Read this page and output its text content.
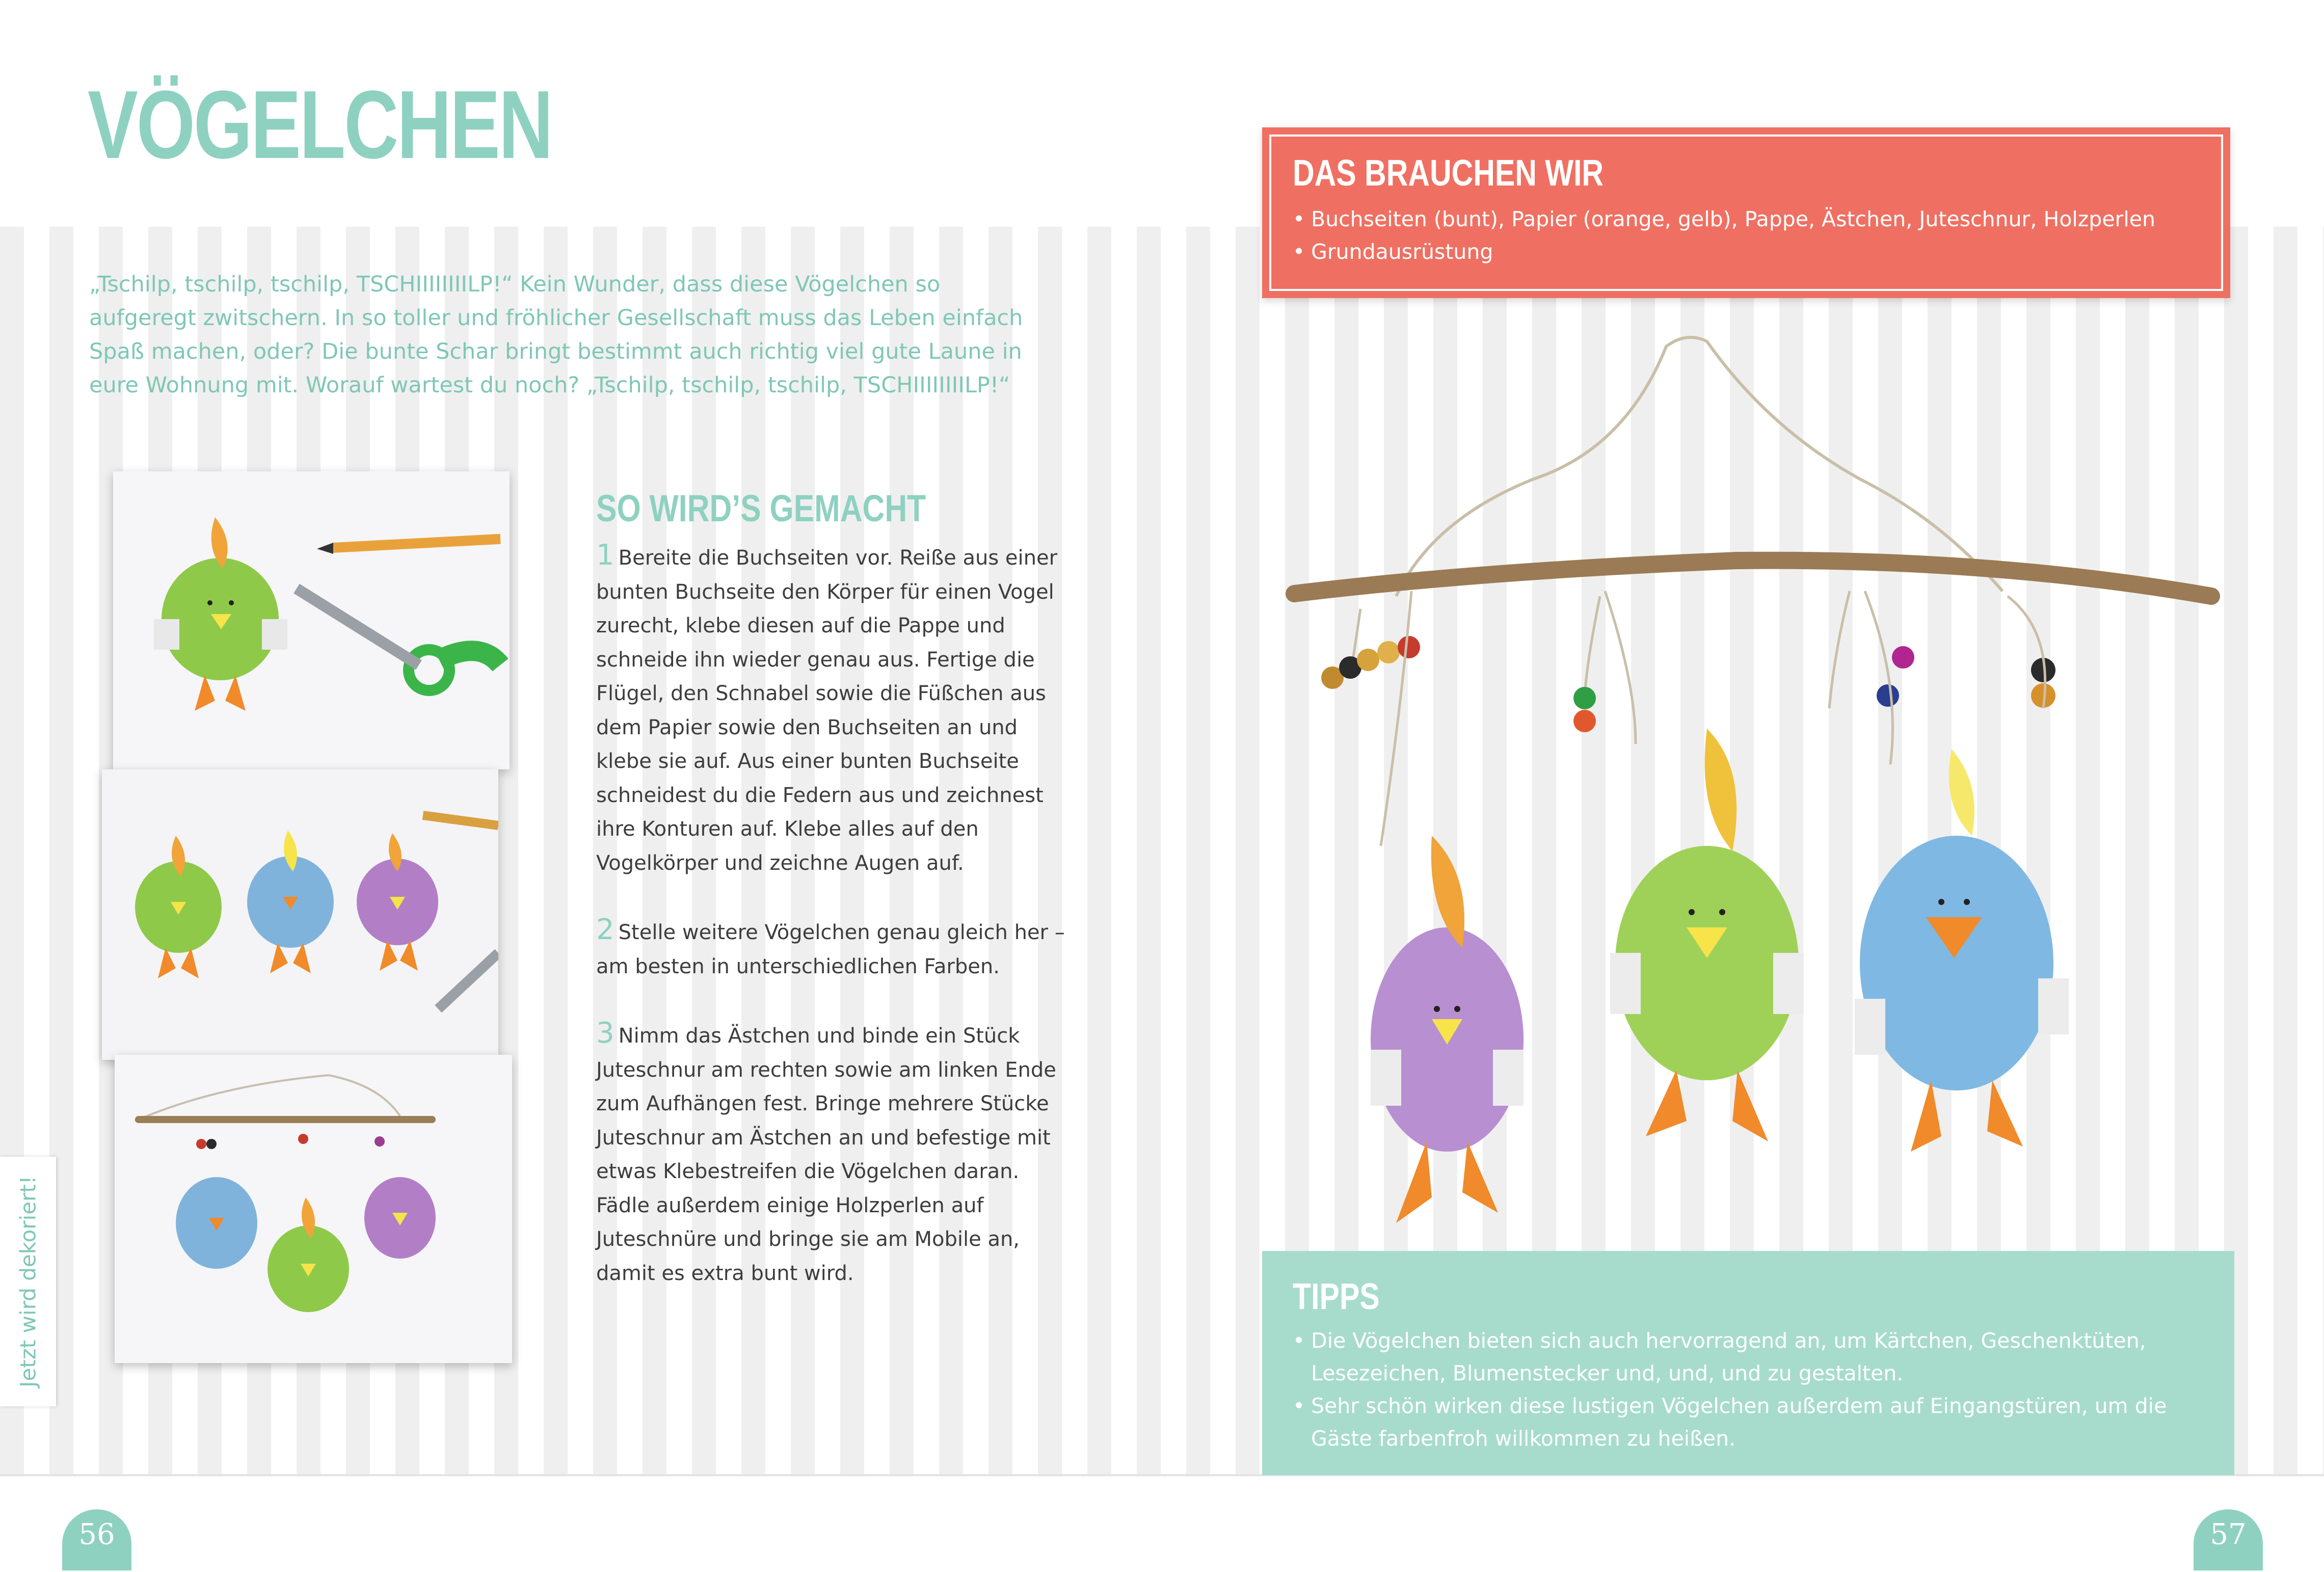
VÖGELCHEN

„Tschilp, tschilp, tschilp, TSCHIIIIIIIILP!“ Kein Wunder, dass diese Vögelchen so aufgeregt zwitschern. In so toller und fröhlicher Gesellschaft muss das Leben einfach Spaß machen, oder? Die bunte Schar bringt bestimmt auch richtig viel gute Laune in eure Wohnung mit. Worauf wartest du noch? „Tschilp, tschilp, tschilp, TSCHIIIIIIIILP!“

SO WIRD’S GEMACHT

1 Bereite die Buchseiten vor. Reiße aus einer bunten Buchseite den Körper für einen Vogel zurecht, klebe diesen auf die Pappe und schneide ihn wieder genau aus. Fertige die Flügel, den Schnabel sowie die Füßchen aus dem Papier sowie den Buchseiten an und klebe sie auf. Aus einer bunten Buchseite schneidest du die Federn aus und zeichnest ihre Konturen auf. Klebe alles auf den Vogelkörper und zeichne Augen auf.

2 Stelle weitere Vögelchen genau gleich her – am besten in unterschiedlichen Farben.

3 Nimm das Ästchen und binde ein Stück Juteschnur am rechten sowie am linken Ende zum Aufhängen fest. Bringe mehrere Stücke Juteschnur am Ästchen an und befestige mit etwas Klebestreifen die Vögelchen daran. Fädle außerdem einige Holzperlen auf Juteschnüre und bringe sie am Mobile an, damit es extra bunt wird.

DAS BRAUCHEN WIR
• Buchseiten (bunt), Papier (orange, gelb), Pappe, Ästchen, Juteschnur, Holzperlen
• Grundausrüstung
TIPPS
• Die Vögelchen bieten sich auch hervorragend an, um Kärtchen, Geschenktüten, Lesezeichen, Blumenstecker und, und, und zu gestalten.
• Sehr schön wirken diese lustigen Vögelchen außerdem auf Eingangstüren, um die Gäste farbenfroh willkommen zu heißen.
Jetzt wird dekoriert!
56	57
